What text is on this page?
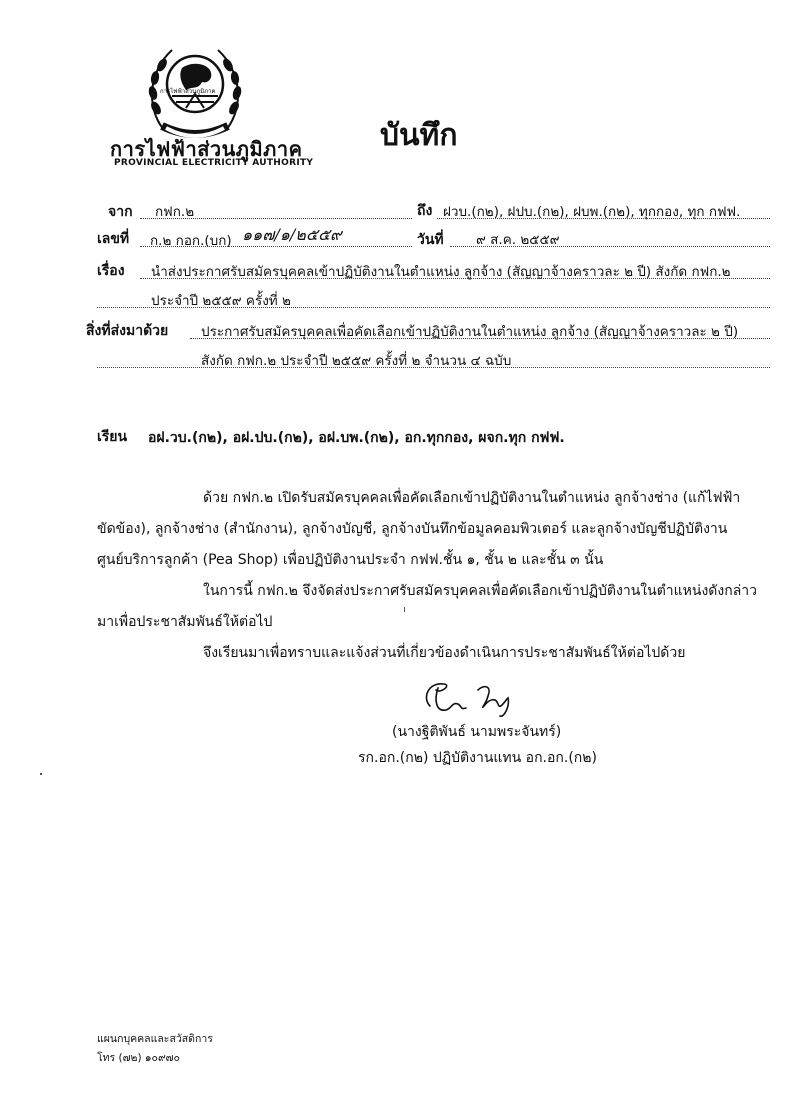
การไฟฟ้าส่วนภูมิภาค
การไฟฟ้าส่วนภูมิภาค
PROVINCIAL ELECTRICITY AUTHORITY
บันทึก
จาก กฟก.๒	ถึง ฝวบ.(ก๒), ฝปบ.(ก๒), ฝบพ.(ก๒), ทุกกอง, ทุก กฟฟ.
เลขที่ ก.๒ กอก.(บก) ๑๑๗/๑/๒๕๕๙	วันที่ ๙ ส.ค. ๒๕๕๙
เรื่อง นำส่งประกาศรับสมัครบุคคลเข้าปฏิบัติงานในตำแหน่ง ลูกจ้าง (สัญญาจ้างคราวละ ๒ ปี) สังกัด กฟก.๒
ประจำปี ๒๕๕๙ ครั้งที่ ๒
สิ่งที่ส่งมาด้วย ประกาศรับสมัครบุคคลเพื่อคัดเลือกเข้าปฏิบัติงานในตำแหน่ง ลูกจ้าง (สัญญาจ้างคราวละ ๒ ปี)
สังกัด กฟก.๒ ประจำปี ๒๕๕๙ ครั้งที่ ๒ จำนวน ๔ ฉบับ
เรียน อฝ.วบ.(ก๒), อฝ.ปบ.(ก๒), อฝ.บพ.(ก๒), อก.ทุกกอง, ผจก.ทุก กฟฟ.
ด้วย กฟก.๒ เปิดรับสมัครบุคคลเพื่อคัดเลือกเข้าปฏิบัติงานในตำแหน่ง ลูกจ้างช่าง (แก้ไฟฟ้า
ขัดข้อง), ลูกจ้างช่าง (สำนักงาน), ลูกจ้างบัญชี, ลูกจ้างบันทึกข้อมูลคอมพิวเตอร์ และลูกจ้างบัญชีปฏิบัติงาน
ศูนย์บริการลูกค้า (Pea Shop) เพื่อปฏิบัติงานประจำ กฟฟ.ชั้น ๑, ชั้น ๒ และชั้น ๓ นั้น
ในการนี้ กฟก.๒ จึงจัดส่งประกาศรับสมัครบุคคลเพื่อคัดเลือกเข้าปฏิบัติงานในตำแหน่งดังกล่าว
มาเพื่อประชาสัมพันธ์ให้ต่อไป
จึงเรียนมาเพื่อทราบและแจ้งส่วนที่เกี่ยวข้องดำเนินการประชาสัมพันธ์ให้ต่อไปด้วย
(นางฐิติพันธ์ นามพระจันทร์)
รก.อก.(ก๒) ปฏิบัติงานแทน อก.อก.(ก๒)
แผนกบุคคลและสวัสดิการ
โทร (๗๒) ๑๐๙๗๐
